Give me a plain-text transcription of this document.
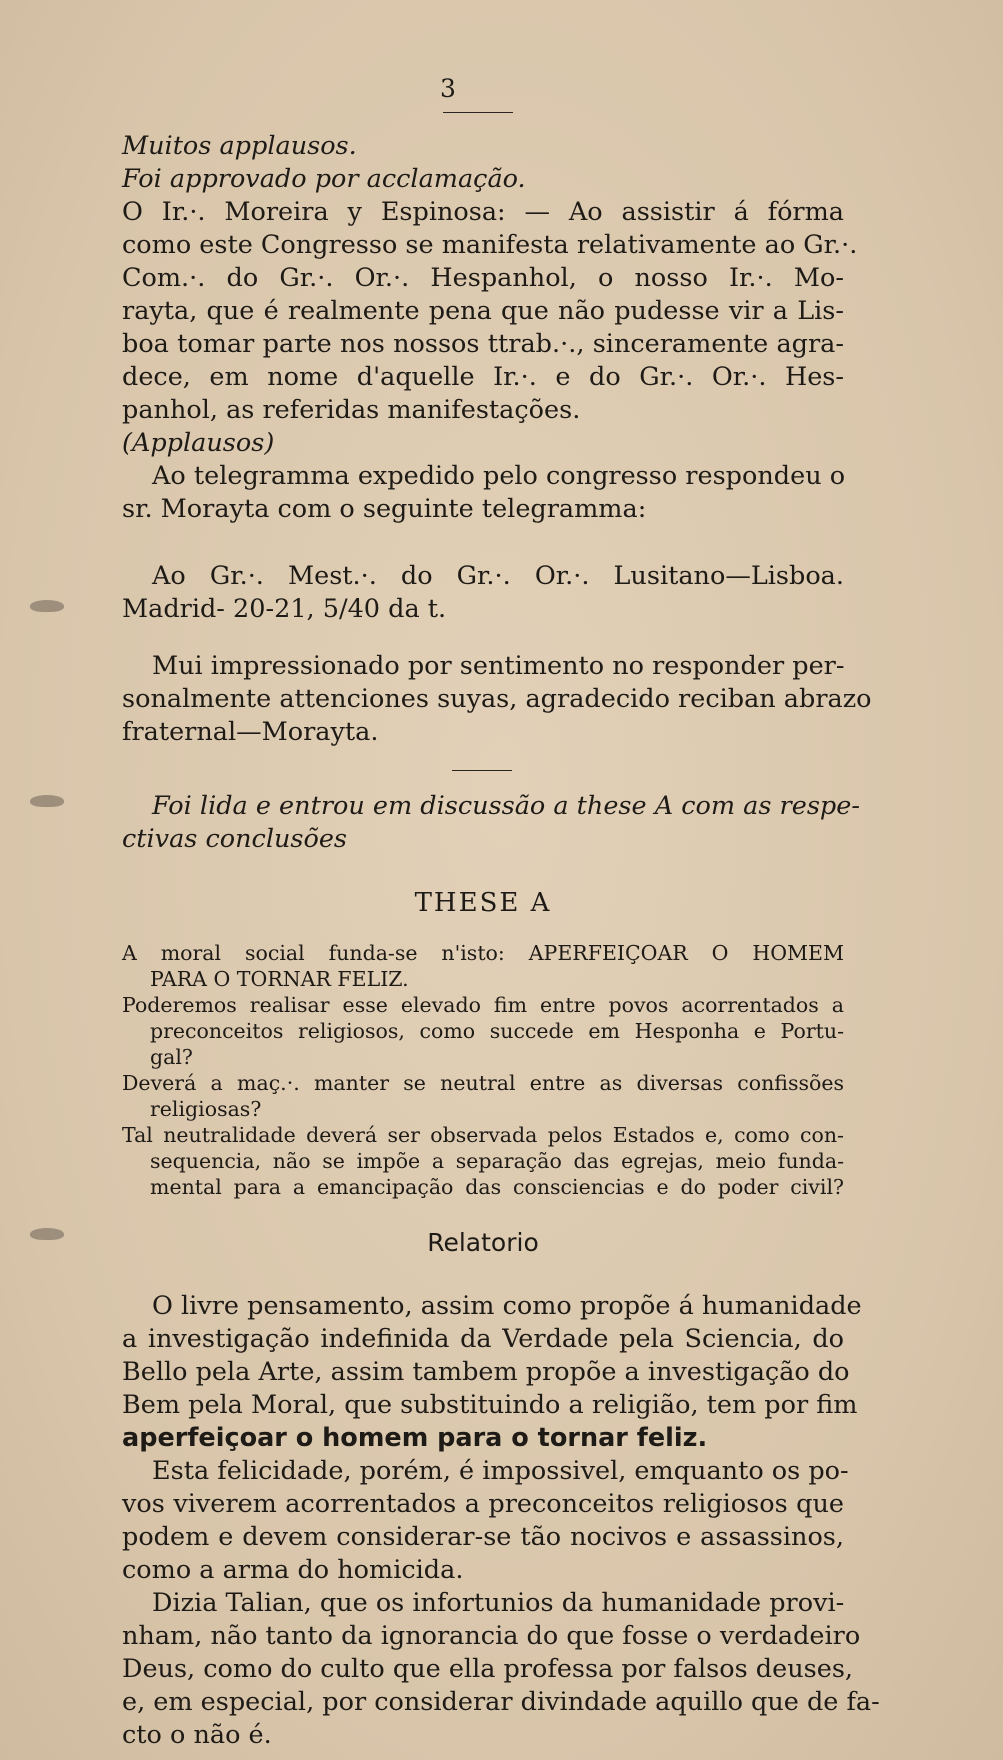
3
Muitos applausos.
Foi approvado por acclamação.
O Ir.·. Moreira y Espinosa: — Ao assistir á fórma
como este Congresso se manifesta relativamente ao Gr.·.
Com.·. do Gr.·. Or.·. Hespanhol, o nosso Ir.·. Mo-
rayta, que é realmente pena que não pudesse vir a Lis-
boa tomar parte nos nossos ttrab.·., sinceramente agra-
dece, em nome d'aquelle Ir.·. e do Gr.·. Or.·. Hes-
panhol, as referidas manifestações.
(Applausos)
Ao telegramma expedido pelo congresso respondeu o
sr. Morayta com o seguinte telegramma:
Ao Gr.·. Mest.·. do Gr.·. Or.·. Lusitano—Lisboa.
Madrid- 20-21, 5/40 da t.
Mui impressionado por sentimento no responder per-
sonalmente attenciones suyas, agradecido reciban abrazo
fraternal—Morayta.
Foi lida e entrou em discussão a these A com as respe-
ctivas conclusões
THESE A
A moral social funda-se n'isto: APERFEIÇOAR O HOMEM
PARA O TORNAR FELIZ.
Poderemos realisar esse elevado fim entre povos acorrentados a
preconceitos religiosos, como succede em Hesponha e Portu-
gal?
Deverá a maç.·. manter se neutral entre as diversas confissões
religiosas?
Tal neutralidade deverá ser observada pelos Estados e, como con-
sequencia, não se impõe a separação das egrejas, meio funda-
mental para a emancipação das consciencias e do poder civil?
Relatorio
O livre pensamento, assim como propõe á humanidade
a investigação indefinida da Verdade pela Sciencia, do
Bello pela Arte, assim tambem propõe a investigação do
Bem pela Moral, que substituindo a religião, tem por fim
aperfeiçoar o homem para o tornar feliz.
Esta felicidade, porém, é impossivel, emquanto os po-
vos viverem acorrentados a preconceitos religiosos que
podem e devem considerar-se tão nocivos e assassinos,
como a arma do homicida.
Dizia Talian, que os infortunios da humanidade provi-
nham, não tanto da ignorancia do que fosse o verdadeiro
Deus, como do culto que ella professa por falsos deuses,
e, em especial, por considerar divindade aquillo que de fa-
cto o não é.
